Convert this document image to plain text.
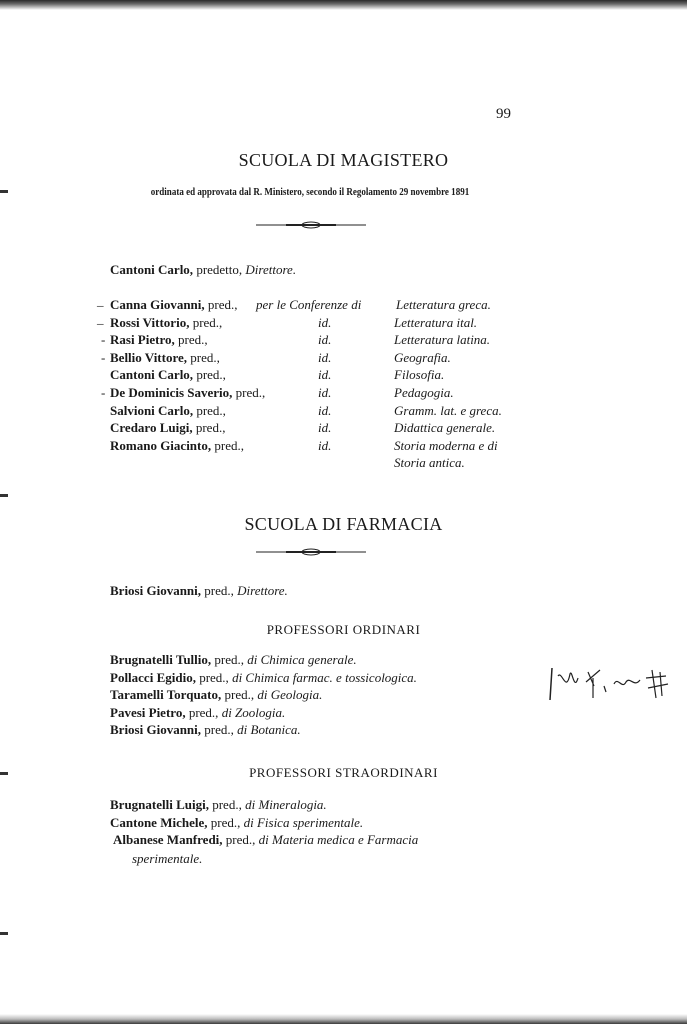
99
SCUOLA DI MAGISTERO
ordinata ed approvata dal R. Ministero, secondo il Regolamento 29 novembre 1891
Cantoni Carlo, predetto, Direttore.
_ Canna Giovanni, pred., per le Conferenze di	Letteratura greca.
_ Rossi Vittorio, pred.,	id.	Letteratura ital.
- Rasi Pietro, pred.,	id.	Letteratura latina.
- Bellio Vittore, pred.,	id.	Geografia.
Cantoni Carlo, pred.,	id.	Filosofia.
- De Dominicis Saverio, pred.,	id.	Pedagogia.
Salvioni Carlo, pred.,	id.	Gramm. lat. e greca.
Credaro Luigi, pred.,	id.	Didattica generale.
Romano Giacinto, pred.,	id.	Storia moderna e di
Storia antica.
SCUOLA DI FARMACIA
Briosi Giovanni, pred., Direttore.
PROFESSORI ORDINARI
Brugnatelli Tullio, pred., di Chimica generale.
Pollacci Egidio, pred., di Chimica farmac. e tossicologica.
Taramelli Torquato, pred., di Geologia.
Pavesi Pietro, pred., di Zoologia.
Briosi Giovanni, pred., di Botanica.
PROFESSORI STRAORDINARI
Brugnatelli Luigi, pred., di Mineralogia.
Cantone Michele, pred., di Fisica sperimentale.
Albanese Manfredi, pred., di Materia medica e Farmacia
sperimentale.
